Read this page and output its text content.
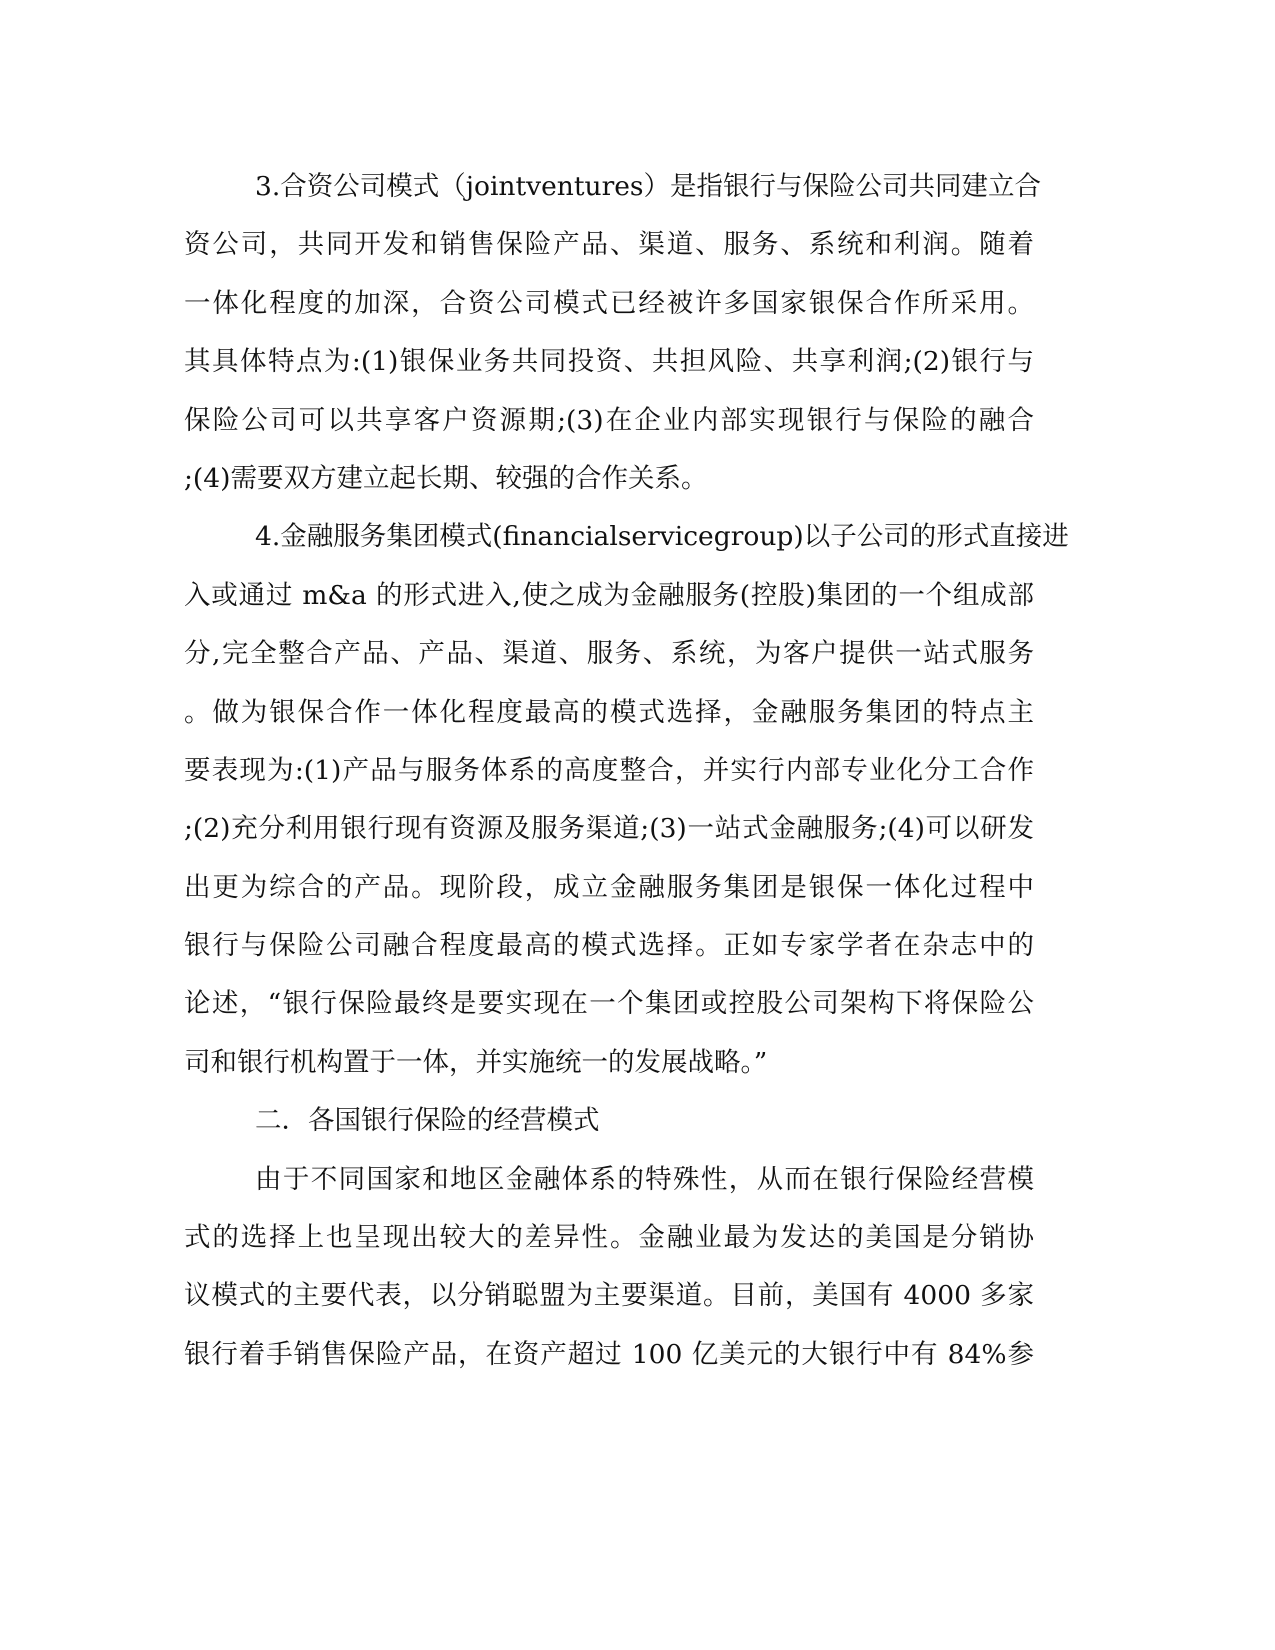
3.合资公司模式（jointventures）是指银行与保险公司共同建立合
资公司，共同开发和销售保险产品、渠道、服务、系统和利润。随着
一体化程度的加深，合资公司模式已经被许多国家银保合作所采用。
其具体特点为:(1)银保业务共同投资、共担风险、共享利润;(2)银行与
保险公司可以共享客户资源期;(3)在企业内部实现银行与保险的融合
;(4)需要双方建立起长期、较强的合作关系。
4.金融服务集团模式(financialservicegroup)以子公司的形式直接进
入或通过 m&a 的形式进入,使之成为金融服务(控股)集团的一个组成部
分,完全整合产品、产品、渠道、服务、系统，为客户提供一站式服务
。做为银保合作一体化程度最高的模式选择，金融服务集团的特点主
要表现为:(1)产品与服务体系的高度整合，并实行内部专业化分工合作
;(2)充分利用银行现有资源及服务渠道;(3)一站式金融服务;(4)可以研发
出更为综合的产品。现阶段，成立金融服务集团是银保一体化过程中
银行与保险公司融合程度最高的模式选择。正如专家学者在杂志中的
论述，“银行保险最终是要实现在一个集团或控股公司架构下将保险公
司和银行机构置于一体，并实施统一的发展战略。”
二．各国银行保险的经营模式
由于不同国家和地区金融体系的特殊性，从而在银行保险经营模
式的选择上也呈现出较大的差异性。金融业最为发达的美国是分销协
议模式的主要代表，以分销聪盟为主要渠道。目前，美国有 4000 多家
银行着手销售保险产品，在资产超过 100 亿美元的大银行中有 84%参
